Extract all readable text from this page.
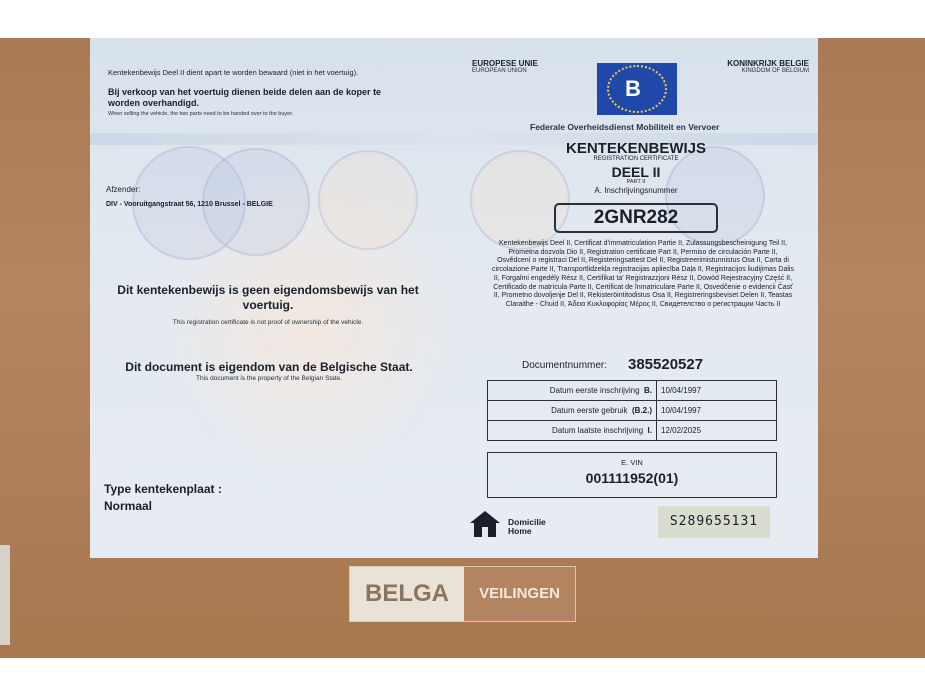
Kentekenbewijs Deel II dient apart te worden bewaard (niet in het voertuig).
Bij verkoop van het voertuig dienen beide delen aan de koper te worden overhandigd.
When selling the vehicle, the two parts need to be handed over to the buyer.
EUROPESE UNIE
EUROPEAN UNION
B
KONINKRIJK BELGIE
KINGDOM OF BELGIUM
Federale Overheidsdienst Mobiliteit en Vervoer
Afzender:
DIV - Vooruitgangstraat 56, 1210 Brussel - BELGIE
KENTEKENBEWIJS
REGISTRATION CERTIFICATE
DEEL II
PART II
A. Inschrijvingsnummer
2GNR282
Kentekenbewijs Deel II, Certificat d'immatriculation Partie II, Zulassungsbescheinigung Teil II, Prometna dozvola Dio II, Registration certificate Part II, Permiso de circulación Parte II, Osvědcení o registraci Del II, Registeringsattest Del II, Registreerimistunnistus Osa II, Carta di circolazione Parte II, Transportlidzekļa registracijas apliecība Daļa II, Registracijos liudijimas Dalis II, Forgalmi engedély Rész II, Certifikat ta' Reġistrazzjoni Rész II, Dowód Rejestracyjny Część II, Certificado de matrícula Parte II, Certificat de înmatriculare Parte II, Osvedčenie o evidencii Časť II, Prometno dovoljenje Del II, Rekisteröintitodistus Osa II, Registreringsbeviset Delen II, Teastas Claraithe - Chuid II, Άδεια Κυκλοφορίας Μέρος II, Свидетелство о регистрации Часть II
Dit kentekenbewijs is geen eigendomsbewijs van het voertuig.
This registration certificate is not proof of ownership of the vehicle.
Dit document is eigendom van de Belgische Staat.
This document is the property of the Belgian State.
Documentnummer: 385520527
Datum eerste inschrijving B.	10/04/1997
Datum eerste gebruik (B.2.)	10/04/1997
Datum laatste inschrijving I.	12/02/2025
E. VIN
001111952(01)
Type kentekenplaat :
Normaal
Domicilie
Home
S289655131
BELGA	VEILINGEN
